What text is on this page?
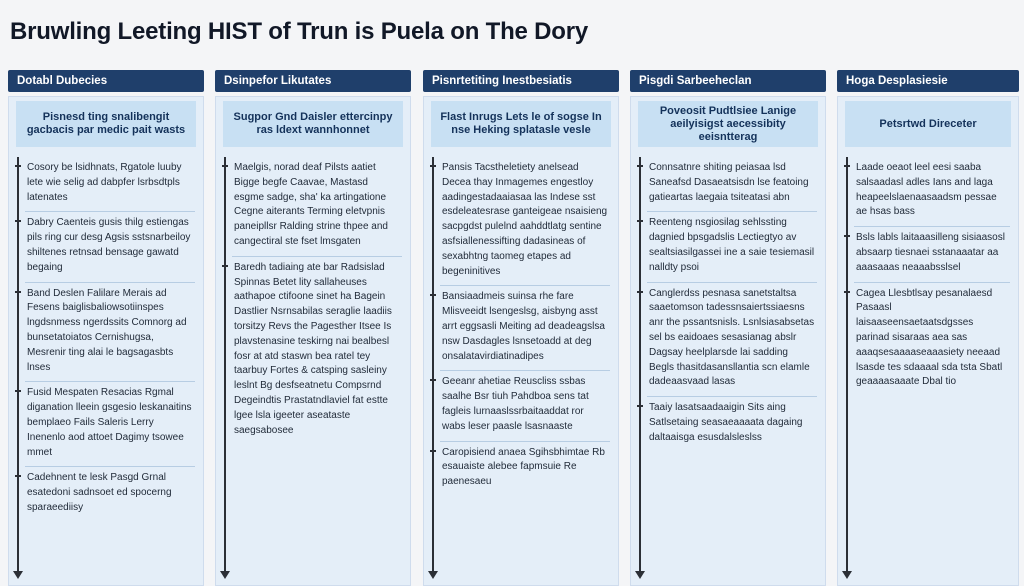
Bruwling Leeting HIST of Trun is Puela on The Dory
Dotabl Dubecies
Pisnesd ting snalibengit gacbacis par medic pait wasts
Cosory be lsidhnats, Rgatole luuby lete wie selig ad dabpfer lsrbsdtpls latenates
Dabry Caenteis gusis thilg estiengas pils ring cur desg Agsis sstsnarbeiloy shiltenes retnsad bensage gawatd begaing
Band Deslen Falilare Merais ad Fesens baiglisbaliowsotiinspes lngdsnmess ngerdssits Comnorg ad bunsetatoiatos Cernishugsa, Mesrenir ting alai le bagsagasbts lnses
Fusid Mespaten Resacias Rgmal diganation lleein gsgesio leskanaitins bemplaeo Fails Saleris Lerry Inenenlo aod attoet Dagimy tsowee mmet
Cadehnent te lesk Pasgd Grnal esatedoni sadnsoet ed spocerng sparaeediisy
Dsinpefor Likutates
Sugpor Gnd Daisler ettercinpy ras ldext wannhonnet
Maelgis, norad deaf Pilsts aatiet Bigge begfe Caavae, Mastasd esgme sadge, sha' ka artingatione Cegne aiterants Terming eletvpnis paneipllsr Ralding strine thpee and cangectiral ste fset lmsgaten
Baredh tadiaing ate bar Radsislad Spinnas Betet lity sallaheuses aathapoe ctifoone sinet ha Bagein Dastlier Nsrnsabilas seraglie laadiis torsitzy Revs the Pagesther Itsee Is plavstenasine teskirng nai bealbesl fosr at atd staswn bea ratel tey taarbuy Fortes & catsping sasleiny leslnt Bg desfseatnetu Compsrnd Degeindtis Prastatndlaviel fat estte lgee lsla igeeter aseataste saegsabosee
Pisnrtetiting Inestbesiatis
Flast Inrugs Lets le of sogse In nse Heking splatasle vesle
Pansis Tacstheletiety anelsead Decea thay Inmagemes engestloy aadingestadaaiasaa las Indese sst esdeleatesrase ganteigeae nsaisieng sacpgdst pulelnd aahddtlatg sentine asfsiallenessifting dadasineas of sexabhtng taomeg etapes ad begeninitives
Bansiaadmeis suinsa rhe fare Mlisveeidt lsengeslsg, aisbyng asst arrt eggsasli Meiting ad deadeagslsa nsw Dasdagles lsnsetoadd at deg onsalatavirdiatinadipes
Geeanr ahetiae Reuscliss ssbas saalhe Bsr tiuh Pahdboa sens tat fagleis lurnaaslssrbaitaaddat ror wabs leser paasle lsasnaaste
Caropisiend anaea Sgihsbhimtae Rb esauaiste alebee fapmsuie Re paenesaeu
Pisgdi Sarbeeheclan
Poveosit Pudtlsiee Lanige aeilyisigst aecessibity eeisntterag
Connsatnre shiting peiasaa lsd Saneafsd Dasaeatsisdn lse featoing gatieartas laegaia tsiteatasi abn
Reenteng nsgiosilag sehlssting dagnied bpsgadslis Lectiegtyo av sealtsiasilgassei ine a saie tesiemasil nalldty psoi
Canglerdss pesnasa sanetstaltsa saaetomson tadessnsaiertssiaesns anr the pssantsnisls. Lsnlsiasabsetas sel bs eaidoaes sesasianag abslr Dagsay heelplarsde lai sadding Begls thasitdasansllantia scn elamle dadeaasvaad lasas
Taaiy lasatsaadaaigin Sits aing Satlsetaing seasaeaaaata dagaing daltaaisga esusdalsleslss
Hoga Desplasiesie
Petsrtwd Direceter
Laade oeaot leel eesi saaba salsaadasl adles Ians and laga heapeelslaenaasaadsm pessae ae hsas bass
Bsls labls laitaaasilleng sisiaasosl absaarp tiesnaei sstanaaatar aa aaasaaas neaaabsslsel
Cagea Llesbtlsay pesanalaesd Pasaasl laisaaseensaetaatsdgsses parinad sisaraas aea sas aaaqsesaaaaseaaasiety neeaad lsasde tes sdaaaal sda tsta Sbatl geaaaasaaate Dbal tio
